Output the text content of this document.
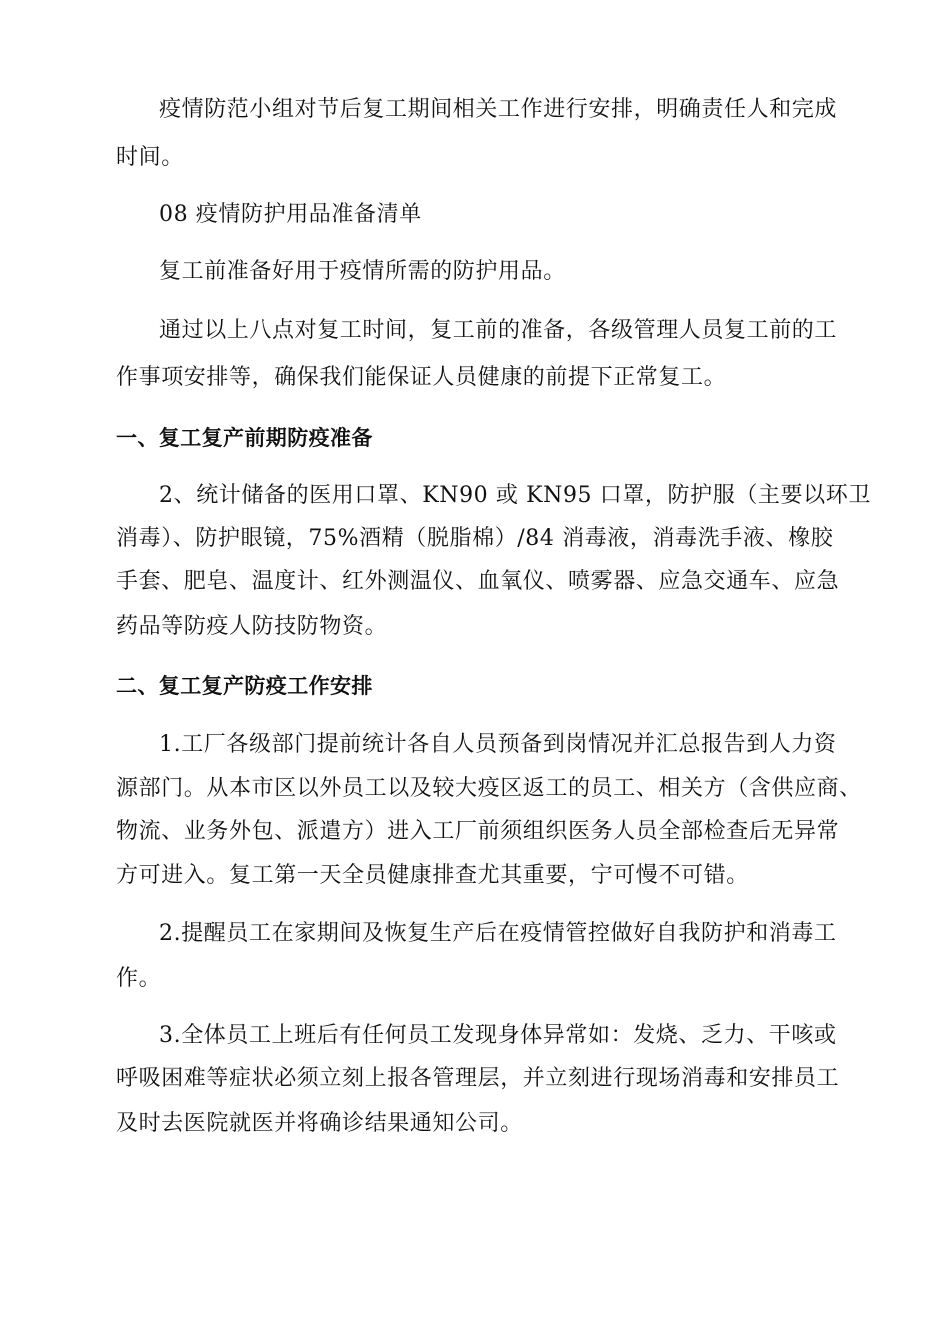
疫情防范小组对节后复工期间相关工作进行安排，明确责任人和完成

时间。

08 疫情防护用品准备清单

复工前准备好用于疫情所需的防护用品。

通过以上八点对复工时间，复工前的准备，各级管理人员复工前的工

作事项安排等，确保我们能保证人员健康的前提下正常复工。

一、复工复产前期防疫准备

2、统计储备的医用口罩、KN90 或 KN95 口罩，防护服（主要以环卫

消毒）、防护眼镜，75%酒精（脱脂棉）/84 消毒液，消毒洗手液、橡胶

手套、肥皂、温度计、红外测温仪、血氧仪、喷雾器、应急交通车、应急

药品等防疫人防技防物资。

二、复工复产防疫工作安排

1.工厂各级部门提前统计各自人员预备到岗情况并汇总报告到人力资

源部门。从本市区以外员工以及较大疫区返工的员工、相关方（含供应商、

物流、业务外包、派遣方）进入工厂前须组织医务人员全部检查后无异常

方可进入。复工第一天全员健康排查尤其重要，宁可慢不可错。

2.提醒员工在家期间及恢复生产后在疫情管控做好自我防护和消毒工

作。

3.全体员工上班后有任何员工发现身体异常如：发烧、乏力、干咳或

呼吸困难等症状必须立刻上报各管理层，并立刻进行现场消毒和安排员工

及时去医院就医并将确诊结果通知公司。
